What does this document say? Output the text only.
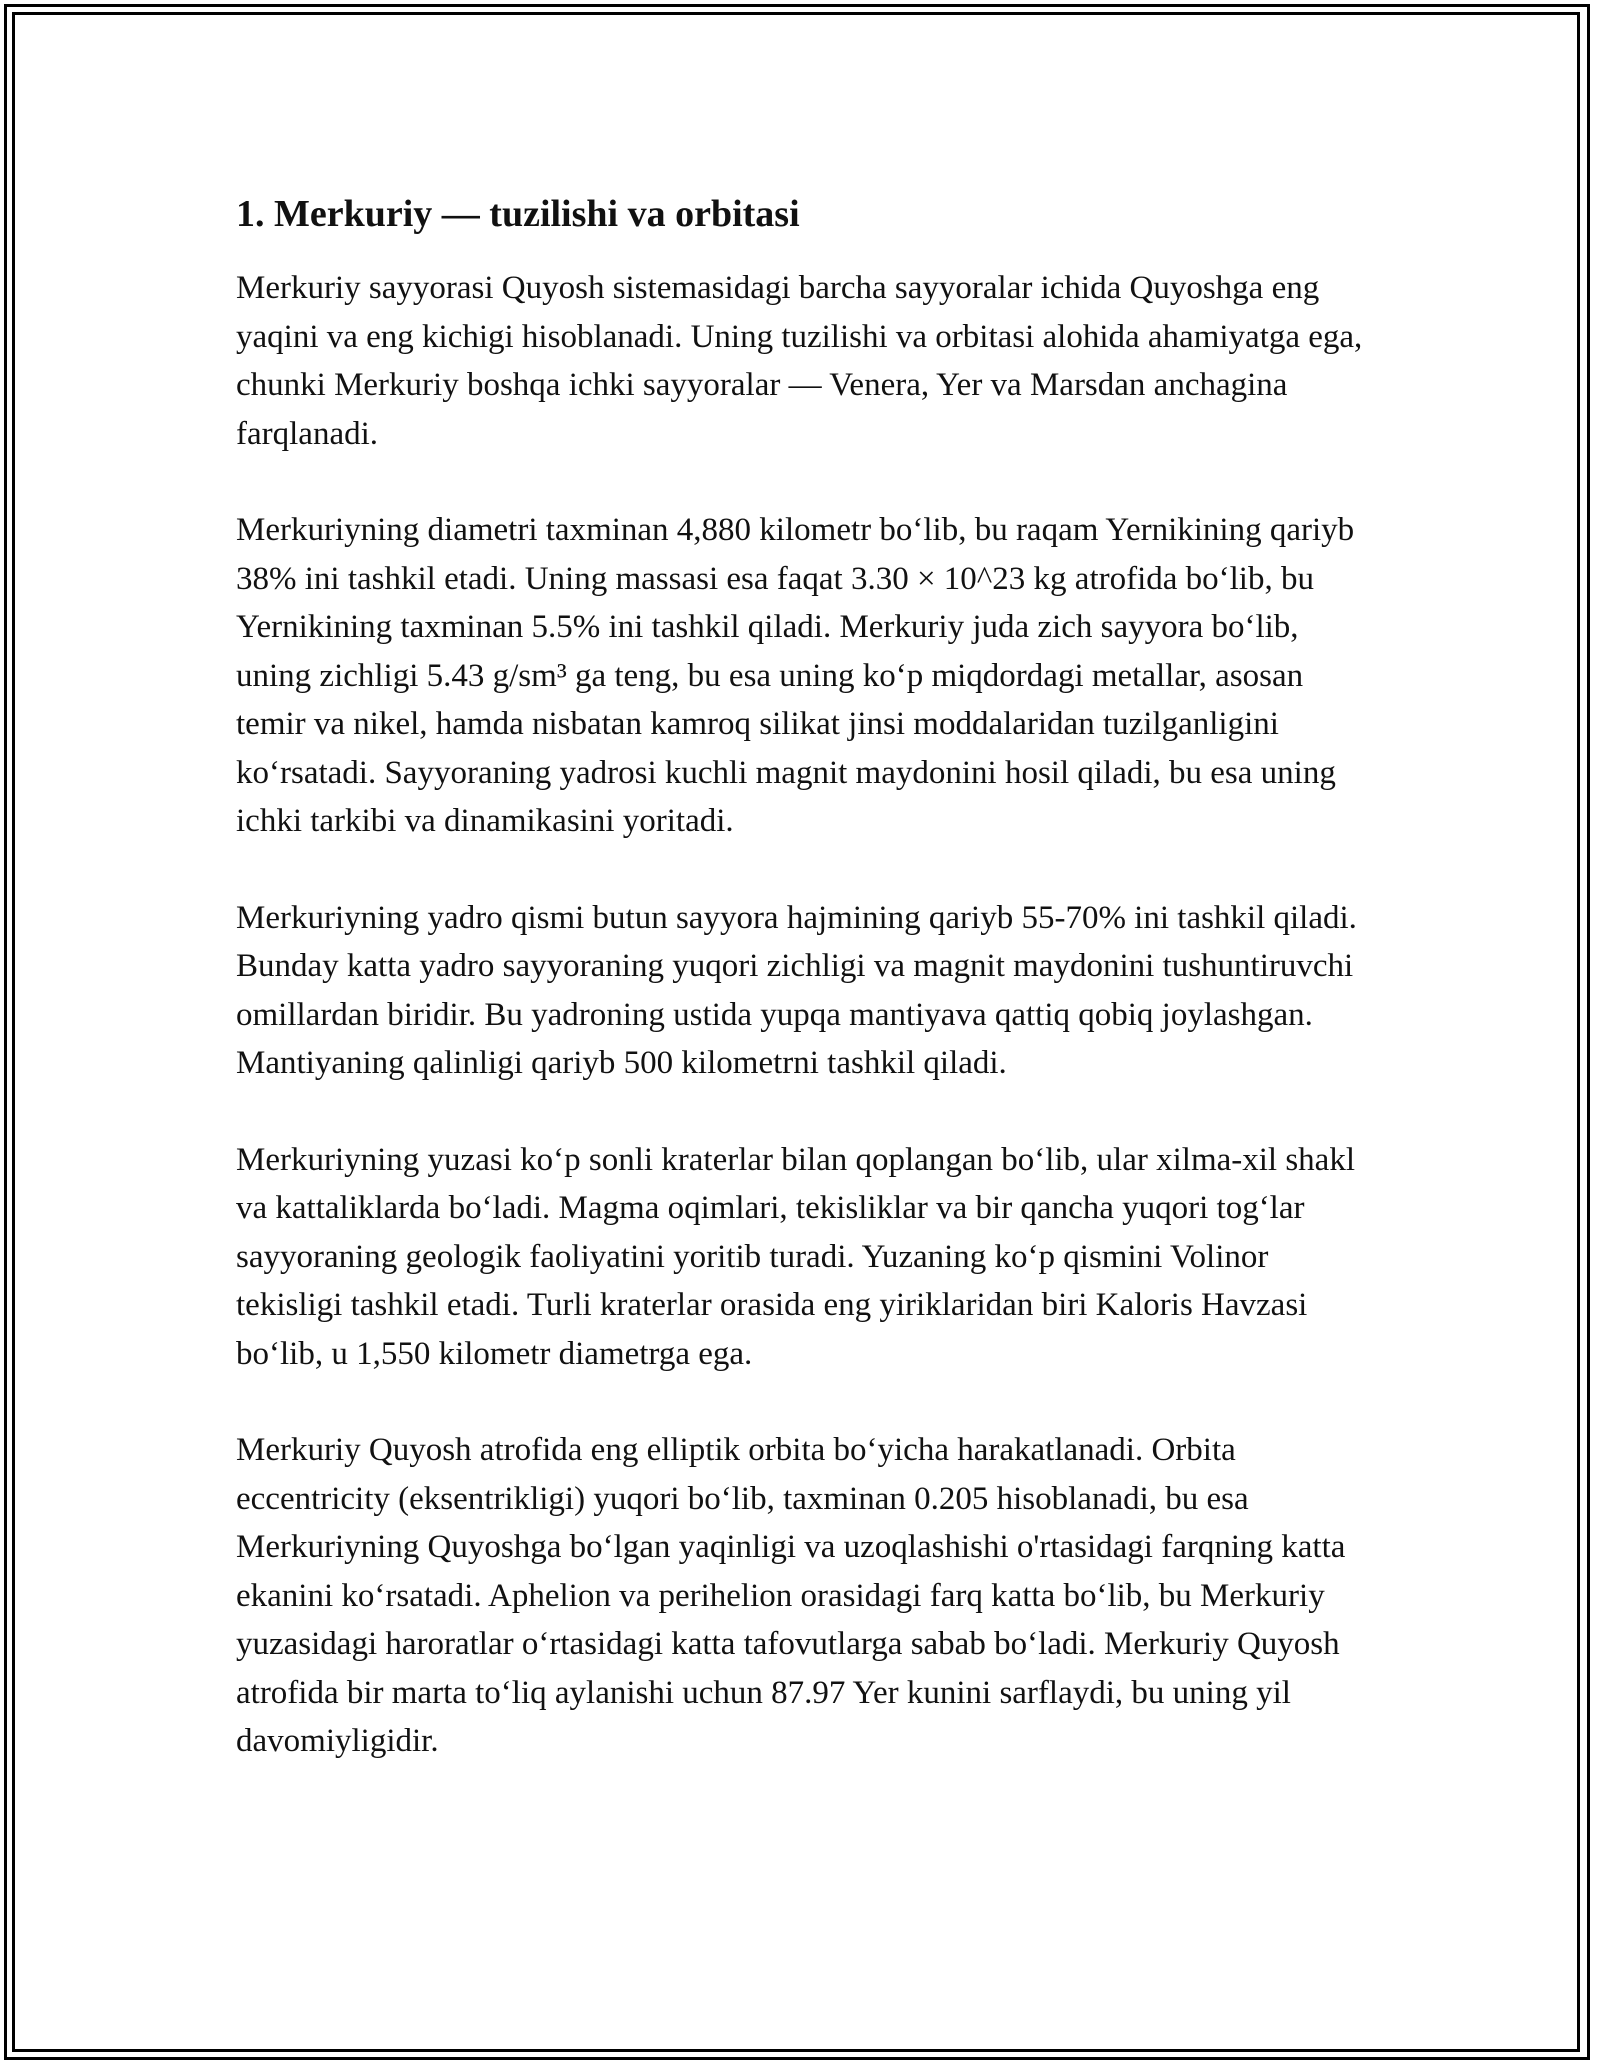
1. Merkuriy — tuzilishi va orbitasi

Merkuriy sayyorasi Quyosh sistemasidagi barcha sayyoralar ichida Quyoshga eng yaqini va eng kichigi hisoblanadi. Uning tuzilishi va orbitasi alohida ahamiyatga ega, chunki Merkuriy boshqa ichki sayyoralar — Venera, Yer va Marsdan anchagina farqlanadi.

Merkuriyning diametri taxminan 4,880 kilometr boʻlib, bu raqam Yernikining qariyb 38% ini tashkil etadi. Uning massasi esa faqat 3.30 × 10^23 kg atrofida boʻlib, bu Yernikining taxminan 5.5% ini tashkil qiladi. Merkuriy juda zich sayyora boʻlib, uning zichligi 5.43 g/sm³ ga teng, bu esa uning koʻp miqdordagi metallar, asosan temir va nikel, hamda nisbatan kamroq silikat jinsi moddalaridan tuzilganligini koʻrsatadi. Sayyoraning yadrosi kuchli magnit maydonini hosil qiladi, bu esa uning ichki tarkibi va dinamikasini yoritadi.

Merkuriyning yadro qismi butun sayyora hajmining qariyb 55-70% ini tashkil qiladi. Bunday katta yadro sayyoraning yuqori zichligi va magnit maydonini tushuntiruvchi omillardan biridir. Bu yadroning ustida yupqa mantiyava qattiq qobiq joylashgan. Mantiyaning qalinligi qariyb 500 kilometrni tashkil qiladi.

Merkuriyning yuzasi koʻp sonli kraterlar bilan qoplangan boʻlib, ular xilma-xil shakl va kattaliklarda boʻladi. Magma oqimlari, tekisliklar va bir qancha yuqori togʻlar sayyoraning geologik faoliyatini yoritib turadi. Yuzaning koʻp qismini Volinor tekisligi tashkil etadi. Turli kraterlar orasida eng yiriklaridan biri Kaloris Havzasi boʻlib, u 1,550 kilometr diametrga ega.

Merkuriy Quyosh atrofida eng elliptik orbita boʻyicha harakatlanadi. Orbita eccentricity (eksentrikligi) yuqori boʻlib, taxminan 0.205 hisoblanadi, bu esa Merkuriyning Quyoshga boʻlgan yaqinligi va uzoqlashishi o'rtasidagi farqning katta ekanini koʻrsatadi. Aphelion va perihelion orasidagi farq katta boʻlib, bu Merkuriy yuzasidagi haroratlar oʻrtasidagi katta tafovutlarga sabab boʻladi. Merkuriy Quyosh atrofida bir marta toʻliq aylanishi uchun 87.97 Yer kunini sarflaydi, bu uning yil davomiyligidir.
